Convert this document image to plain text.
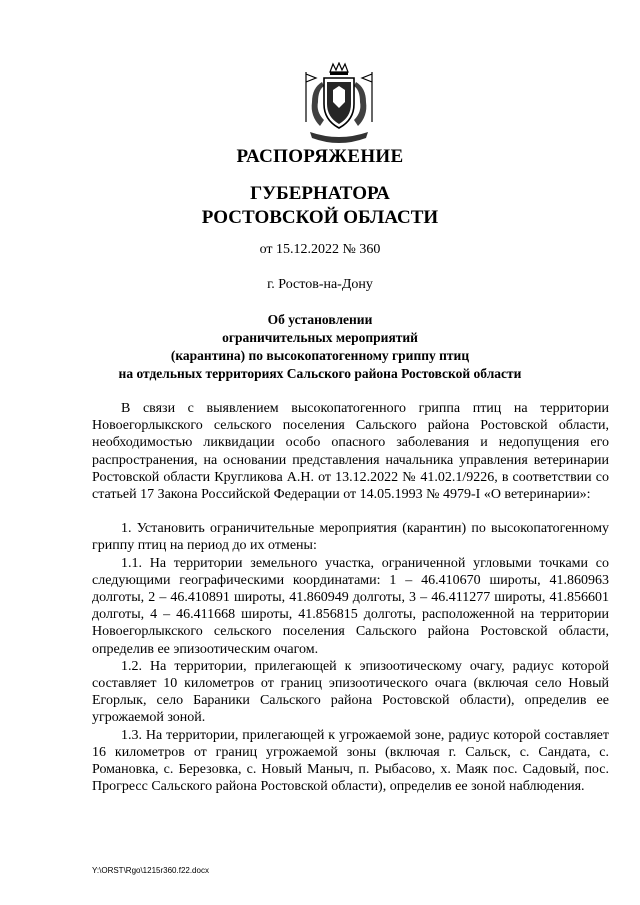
РАСПОРЯЖЕНИЕ
ГУБЕРНАТОРА
РОСТОВСКОЙ ОБЛАСТИ
от 15.12.2022 № 360
г. Ростов-на-Дону
Об установлении
ограничительных мероприятий
(карантина) по высокопатогенному гриппу птиц
на отдельных территориях Сальского района Ростовской области

В связи с выявлением высокопатогенного гриппа птиц на территории Новоегорлыкского сельского поселения Сальского района Ростовской области, необходимостью ликвидации особо опасного заболевания и недопущения его распространения, на основании представления начальника управления ветеринарии Ростовской области Кругликова А.Н. от 13.12.2022 № 41.02.1/9226, в соответствии со статьей 17 Закона Российской Федерации от 14.05.1993 № 4979-I «О ветеринарии»:

1. Установить ограничительные мероприятия (карантин) по высокопатогенному гриппу птиц на период до их отмены:

1.1. На территории земельного участка, ограниченной угловыми точками со следующими географическими координатами: 1 – 46.410670 широты, 41.860963 долготы, 2 – 46.410891 широты, 41.860949 долготы, 3 – 46.411277 широты, 41.856601 долготы, 4 – 46.411668 широты, 41.856815 долготы, расположенной на территории Новоегорлыкского сельского поселения Сальского района Ростовской области, определив ее эпизоотическим очагом.

1.2. На территории, прилегающей к эпизоотическому очагу, радиус которой составляет 10 километров от границ эпизоотического очага (включая село Новый Егорлык, село Бараники Сальского района Ростовской области), определив ее угрожаемой зоной.

1.3. На территории, прилегающей к угрожаемой зоне, радиус которой составляет 16 километров от границ угрожаемой зоны (включая г. Сальск, с. Сандата, с. Романовка, с. Березовка, с. Новый Маныч, п. Рыбасово, х. Маяк пос. Садовый, пос. Прогресс Сальского района Ростовской области), определив ее зоной наблюдения.

Y:\ORST\Rgo\1215r360.f22.docx
